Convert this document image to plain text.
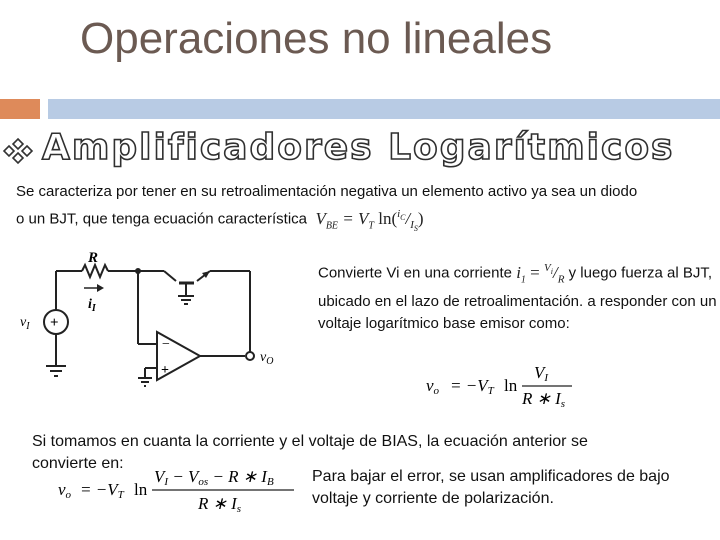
Operaciones no lineales
Amplificadores Logarítmicos
Se caracteriza por tener en su retroalimentación negativa un elemento activo ya sea un diodo
o un BJT, que tenga ecuación característica $V_{BE} = V_T$ $\ln(^{i_C}/_{I_S})$
+
−
+
R
$i_I$
$v_I$
$v_O$
Convierte Vi en una corriente $i_1 = ^{V_i}/_R$ y luego fuerza al BJT, ubicado en el lazo de retroalimentación. a responder con un voltaje logarítmico base emisor como:
vo = −VT ln
VI
R ∗ Is
Si tomamos en cuanta la corriente y el voltaje de BIAS, la ecuación anterior se
convierte en:
vo = −VT ln
VI − Vos − R ∗ IB
R ∗ Is
Para bajar el error, se usan amplificadores de bajo voltaje y corriente de polarización.
